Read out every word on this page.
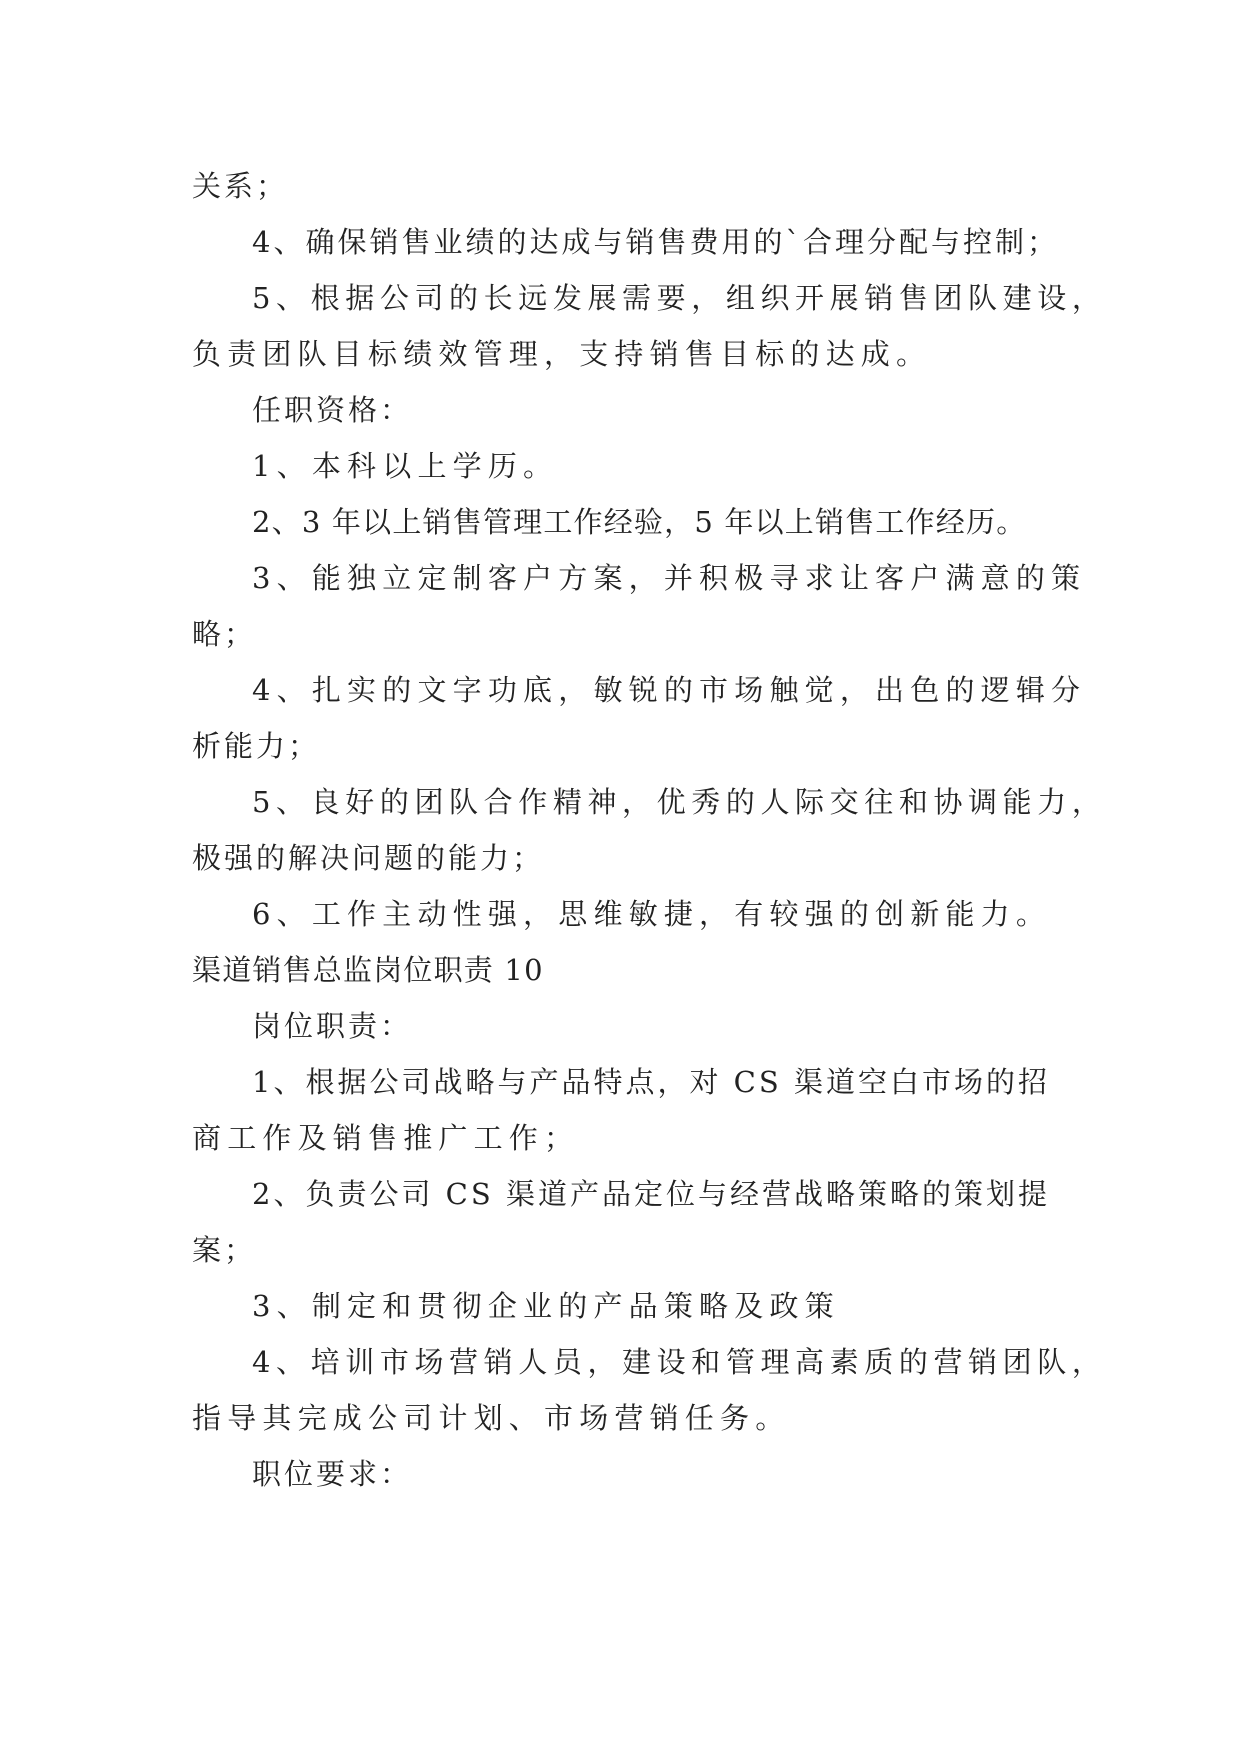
关系；
4、确保销售业绩的达成与销售费用的`合理分配与控制；
5、根据公司的长远发展需要，组织开展销售团队建设，
负责团队目标绩效管理，支持销售目标的达成。
任职资格：
1、本科以上学历。
2、3 年以上销售管理工作经验，5 年以上销售工作经历。
3、能独立定制客户方案，并积极寻求让客户满意的策
略；
4、扎实的文字功底，敏锐的市场触觉，出色的逻辑分
析能力；
5、良好的团队合作精神，优秀的人际交往和协调能力，
极强的解决问题的能力；
6、工作主动性强，思维敏捷，有较强的创新能力。
渠道销售总监岗位职责 10
岗位职责：
1、根据公司战略与产品特点，对 CS 渠道空白市场的招
商工作及销售推广工作；
2、负责公司 CS 渠道产品定位与经营战略策略的策划提
案；
3、制定和贯彻企业的产品策略及政策
4、培训市场营销人员，建设和管理高素质的营销团队，
指导其完成公司计划、市场营销任务。
职位要求：
